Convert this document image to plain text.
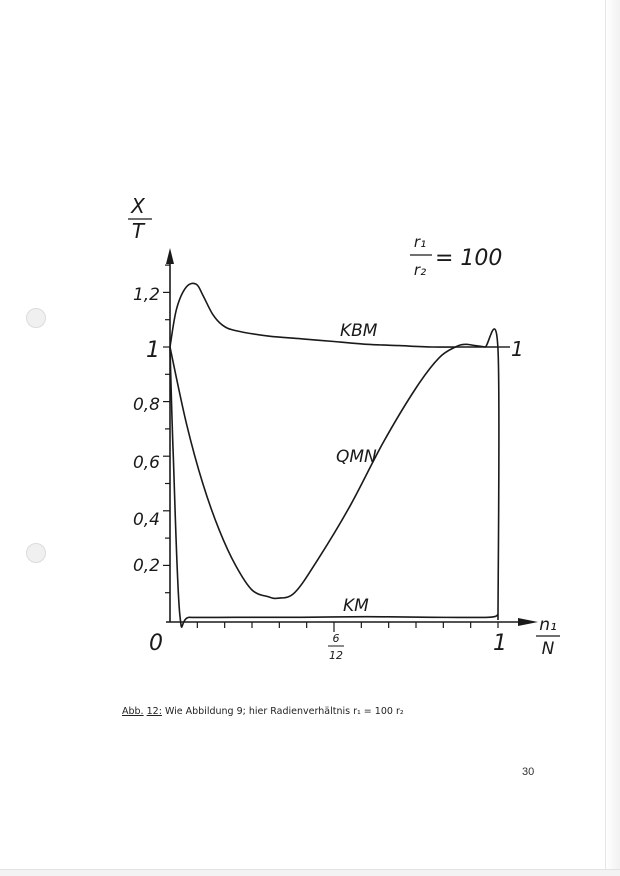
X
T	r₁
r₂ = 100
1,2
1
0,8
0,6
0,4
0,2
0	1
6
12
n₁
N
1
KBM
QMN
KM
Abb. 12: Wie Abbildung 9; hier Radienverhältnis r₁ = 100 r₂
30
